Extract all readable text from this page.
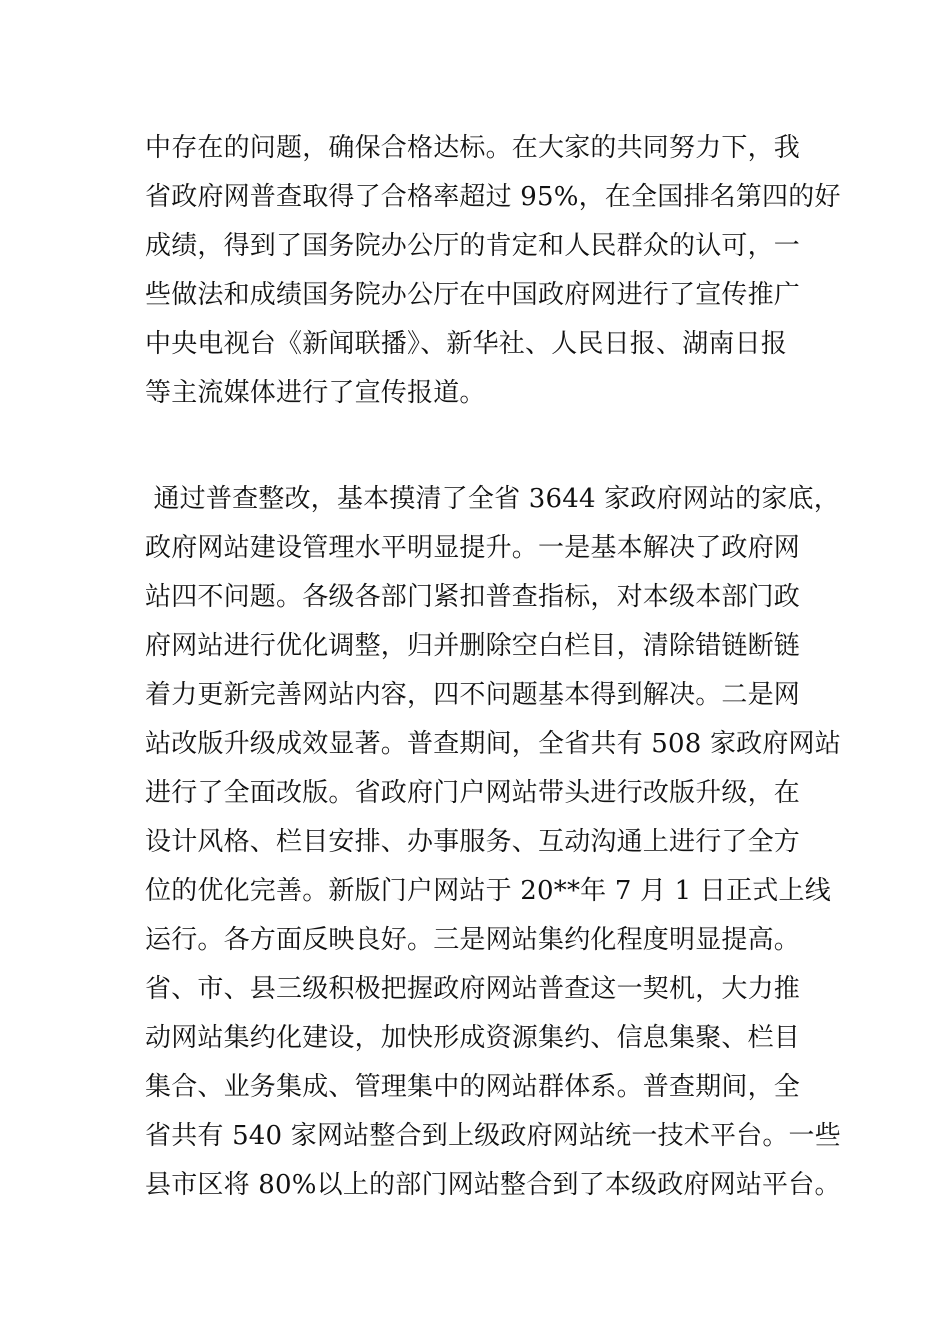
中存在的问题，确保合格达标。在大家的共同努力下，我
省政府网普查取得了合格率超过 95%，在全国排名第四的好
成绩，得到了国务院办公厅的肯定和人民群众的认可，一
些做法和成绩国务院办公厅在中国政府网进行了宣传推广
中央电视台《新闻联播》、新华社、人民日报、湖南日报
等主流媒体进行了宣传报道。
通过普查整改，基本摸清了全省 3644 家政府网站的家底，
政府网站建设管理水平明显提升。一是基本解决了政府网
站四不问题。各级各部门紧扣普查指标，对本级本部门政
府网站进行优化调整，归并删除空白栏目，清除错链断链
着力更新完善网站内容，四不问题基本得到解决。二是网
站改版升级成效显著。普查期间，全省共有 508 家政府网站
进行了全面改版。省政府门户网站带头进行改版升级，在
设计风格、栏目安排、办事服务、互动沟通上进行了全方
位的优化完善。新版门户网站于 20**年 7 月 1 日正式上线
运行。各方面反映良好。三是网站集约化程度明显提高。
省、市、县三级积极把握政府网站普查这一契机，大力推
动网站集约化建设，加快形成资源集约、信息集聚、栏目
集合、业务集成、管理集中的网站群体系。普查期间，全
省共有 540 家网站整合到上级政府网站统一技术平台。一些
县市区将 80%以上的部门网站整合到了本级政府网站平台。
